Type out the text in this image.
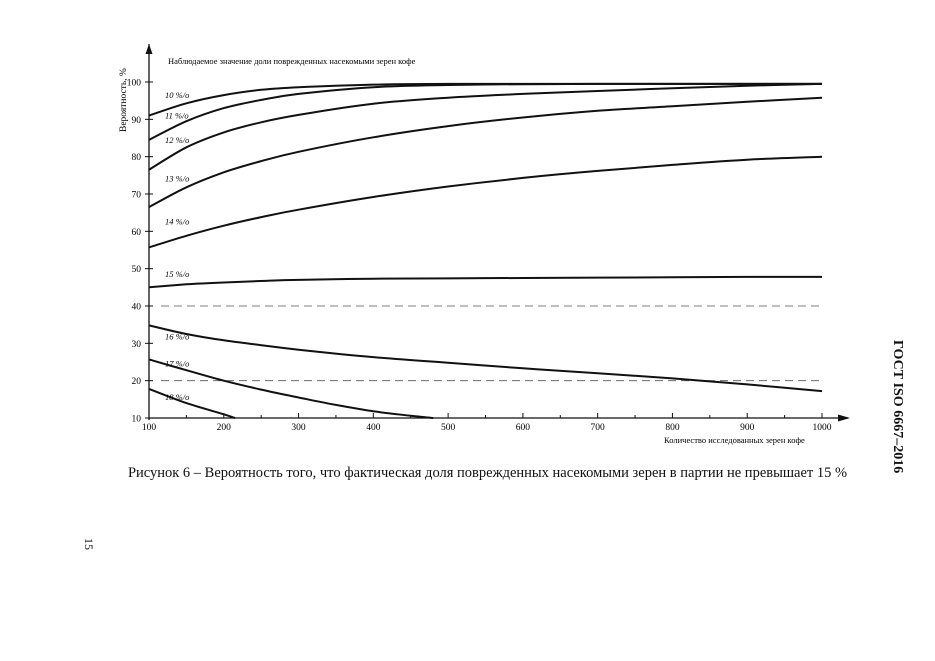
10
20
30
40
50
60
70
80
90
100
100	200	300	400	500	600	700	800	900	1000
10 %/o
11 %/o
12 %/o
13 %/o
14 %/o
15 %/o
16 %/o
17 %/o
18 %/o
Наблюдаемое значение доли поврежденных насекомыми зерен кофе
Вероятность, %
Количество исследованных зерен кофе
Рисунок 6 – Вероятность того, что фактическая доля поврежденных насекомыми зерен в партии не превышает 15 %	ГОСТ ISO 6667–2016
15
